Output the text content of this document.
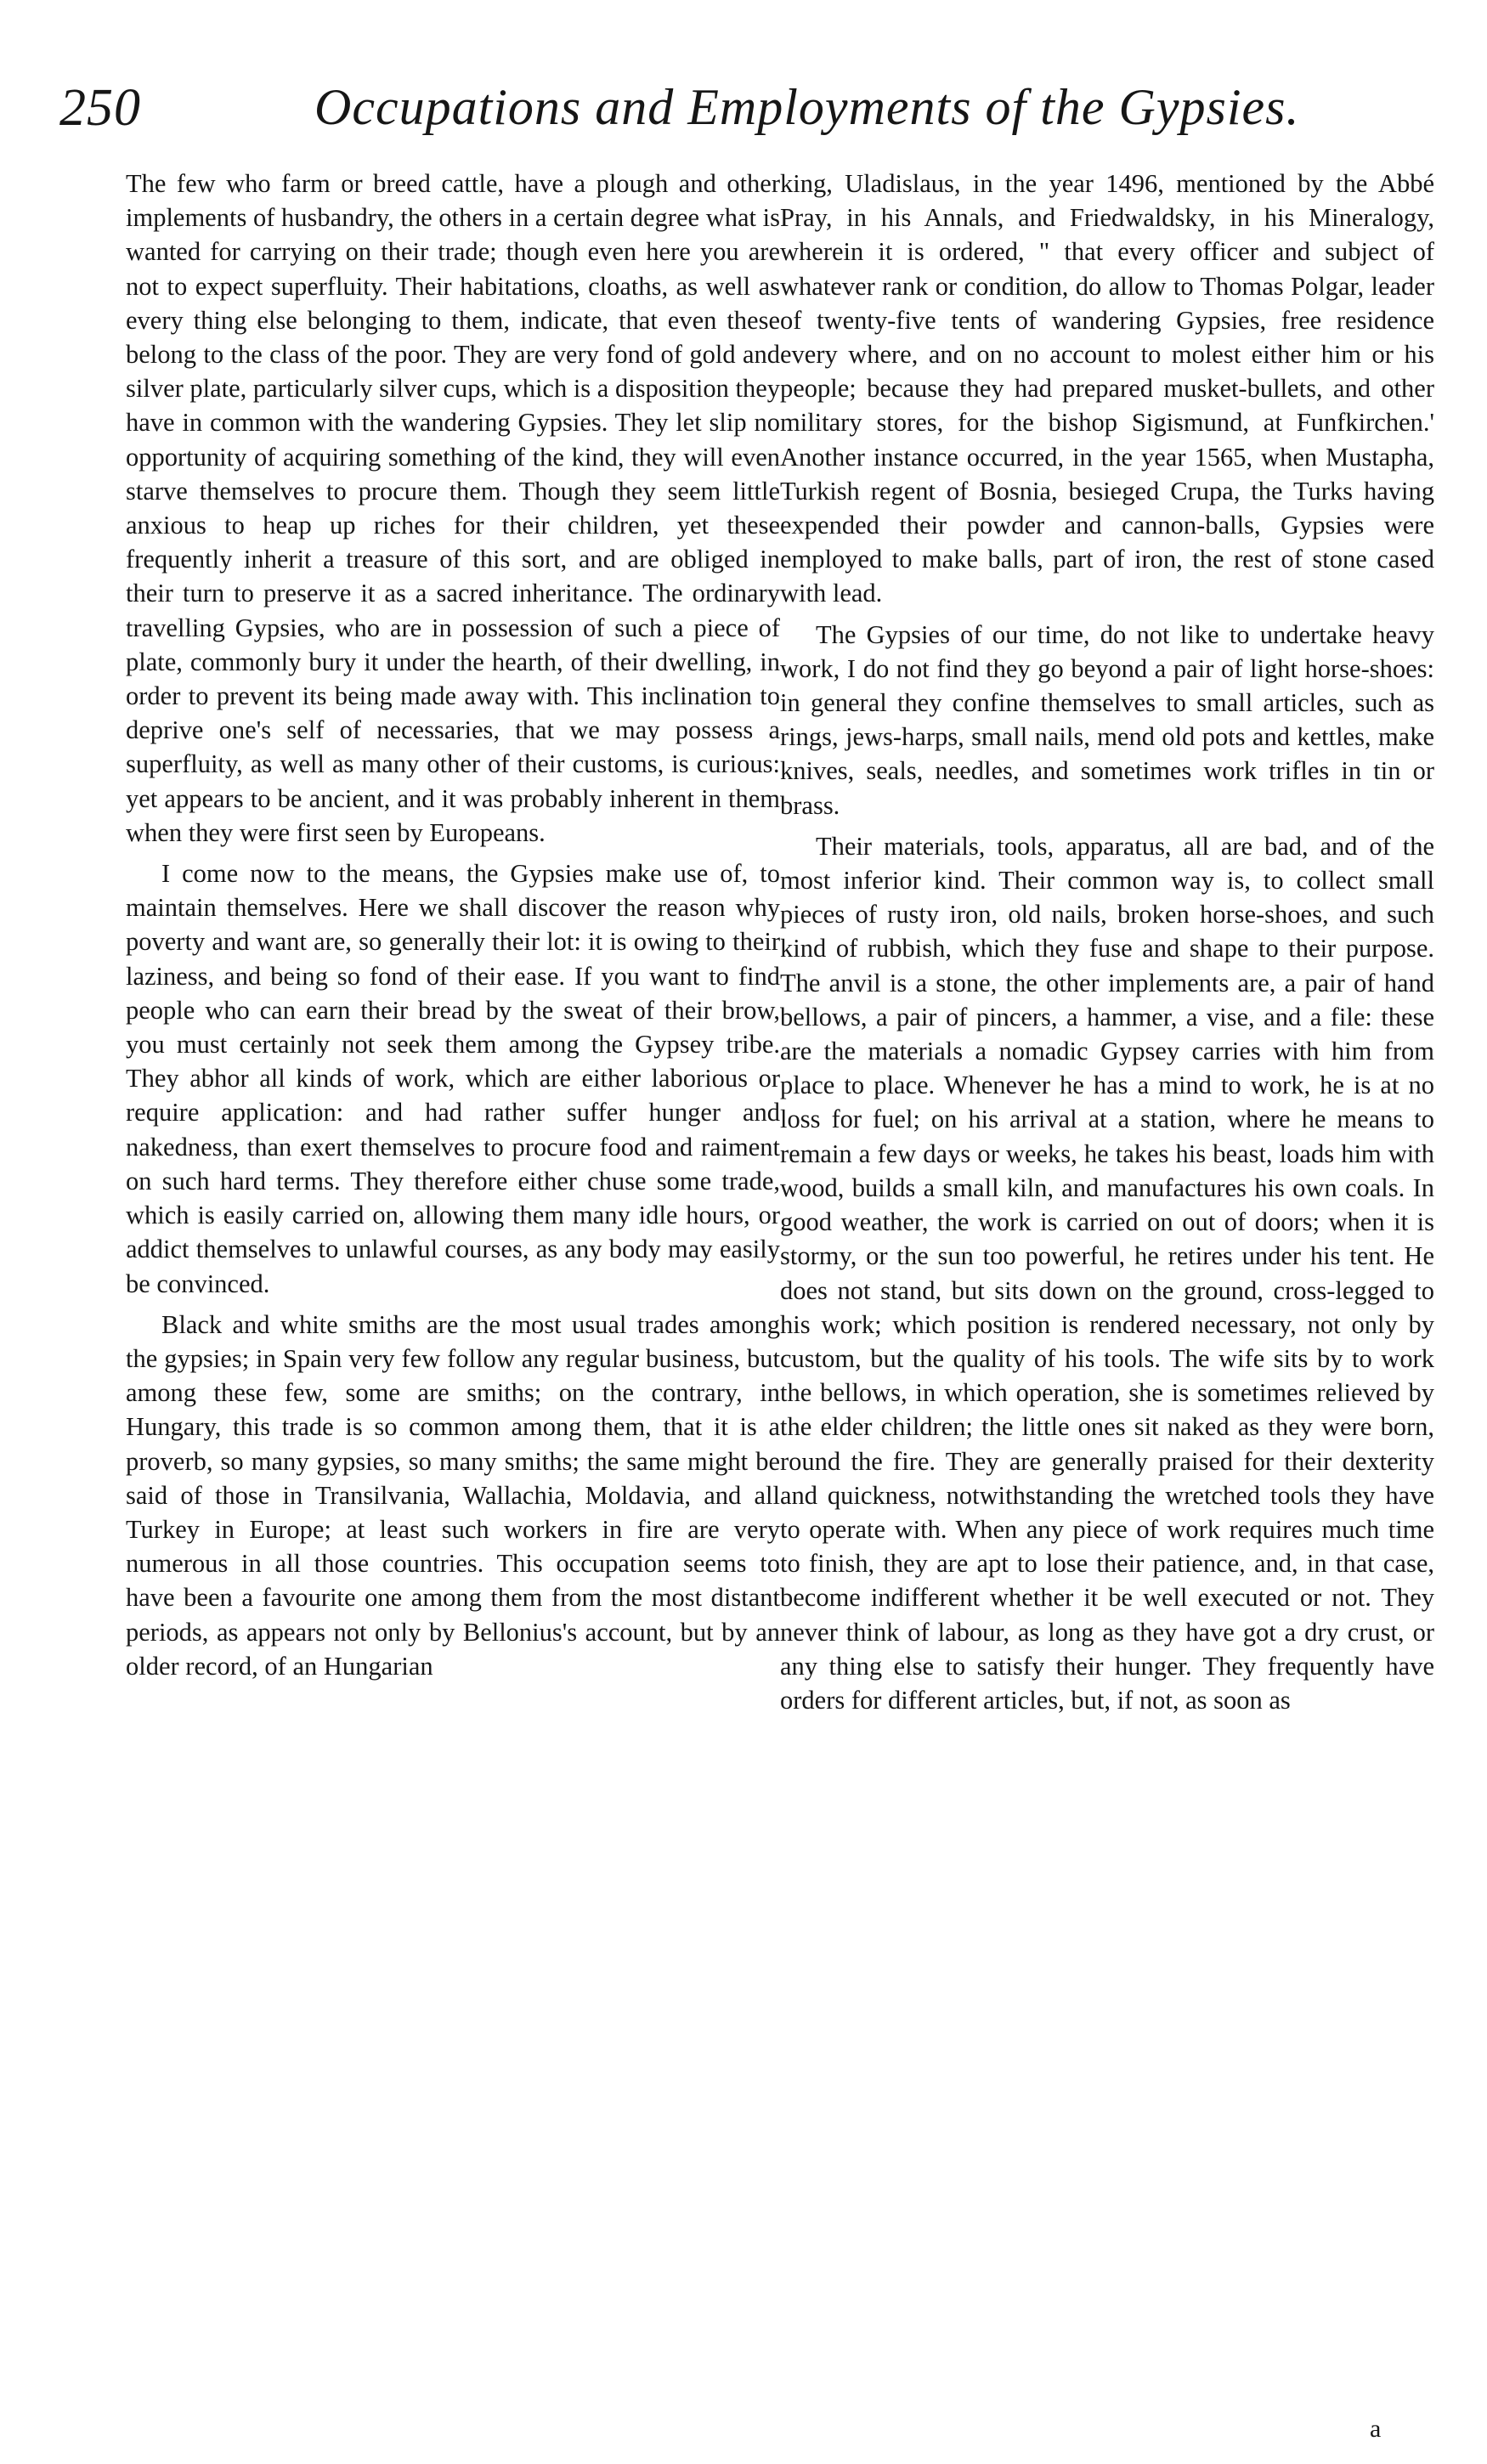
250	Occupations and Employments of the Gypsies.

The few who farm or breed cattle, have a plough and other implements of husbandry, the others in a certain degree what is wanted for carrying on their trade; though even here you are not to expect superfluity. Their habitations, cloaths, as well as every thing else belonging to them, indicate, that even these belong to the class of the poor. They are very fond of gold and silver plate, particularly silver cups, which is a disposition they have in common with the wandering Gypsies. They let slip no opportunity of acquiring something of the kind, they will even starve themselves to procure them. Though they seem little anxious to heap up riches for their children, yet these frequently inherit a treasure of this sort, and are obliged in their turn to preserve it as a sacred inheritance. The ordinary travelling Gypsies, who are in possession of such a piece of plate, commonly bury it under the hearth, of their dwelling, in order to prevent its being made away with. This inclination to deprive one's self of necessaries, that we may possess a superfluity, as well as many other of their customs, is curious: yet appears to be ancient, and it was probably inherent in them when they were first seen by Europeans.

I come now to the means, the Gypsies make use of, to maintain themselves. Here we shall discover the reason why poverty and want are, so generally their lot: it is owing to their laziness, and being so fond of their ease. If you want to find people who can earn their bread by the sweat of their brow, you must certainly not seek them among the Gypsey tribe. They abhor all kinds of work, which are either laborious or require application: and had rather suffer hunger and nakedness, than exert themselves to procure food and raiment on such hard terms. They therefore either chuse some trade, which is easily carried on, allowing them many idle hours, or addict themselves to unlawful courses, as any body may easily be convinced.

Black and white smiths are the most usual trades among the gypsies; in Spain very few follow any regular business, but among these few, some are smiths; on the contrary, in Hungary, this trade is so common among them, that it is a proverb, so many gypsies, so many smiths; the same might be said of those in Transilvania, Wallachia, Moldavia, and all Turkey in Europe; at least such workers in fire are very numerous in all those countries. This occupation seems to have been a favourite one among them from the most distant periods, as appears not only by Bellonius's account, but by an older record, of an Hungarian

king, Uladislaus, in the year 1496, mentioned by the Abbé Pray, in his Annals, and Friedwaldsky, in his Mineralogy, wherein it is ordered, " that every officer and subject of whatever rank or condition, do allow to Thomas Polgar, leader of twenty-five tents of wandering Gypsies, free residence every where, and on no account to molest either him or his people; because they had prepared musket-bullets, and other military stores, for the bishop Sigismund, at Funfkirchen.' Another instance occurred, in the year 1565, when Mustapha, Turkish regent of Bosnia, besieged Crupa, the Turks having expended their powder and cannon-balls, Gypsies were employed to make balls, part of iron, the rest of stone cased with lead.

The Gypsies of our time, do not like to undertake heavy work, I do not find they go beyond a pair of light horse-shoes: in general they confine themselves to small articles, such as rings, jews-harps, small nails, mend old pots and kettles, make knives, seals, needles, and sometimes work trifles in tin or brass.

Their materials, tools, apparatus, all are bad, and of the most inferior kind. Their common way is, to collect small pieces of rusty iron, old nails, broken horse-shoes, and such kind of rubbish, which they fuse and shape to their purpose. The anvil is a stone, the other implements are, a pair of hand bellows, a pair of pincers, a hammer, a vise, and a file: these are the materials a nomadic Gypsey carries with him from place to place. Whenever he has a mind to work, he is at no loss for fuel; on his arrival at a station, where he means to remain a few days or weeks, he takes his beast, loads him with wood, builds a small kiln, and manufactures his own coals. In good weather, the work is carried on out of doors; when it is stormy, or the sun too powerful, he retires under his tent. He does not stand, but sits down on the ground, cross-legged to his work; which position is rendered necessary, not only by custom, but the quality of his tools. The wife sits by to work the bellows, in which operation, she is sometimes relieved by the elder children; the little ones sit naked as they were born, round the fire. They are generally praised for their dexterity and quickness, notwithstanding the wretched tools they have to operate with. When any piece of work requires much time to finish, they are apt to lose their patience, and, in that case, become indifferent whether it be well executed or not. They never think of labour, as long as they have got a dry crust, or any thing else to satisfy their hunger. They frequently have orders for different articles, but, if not, as soon as

a
